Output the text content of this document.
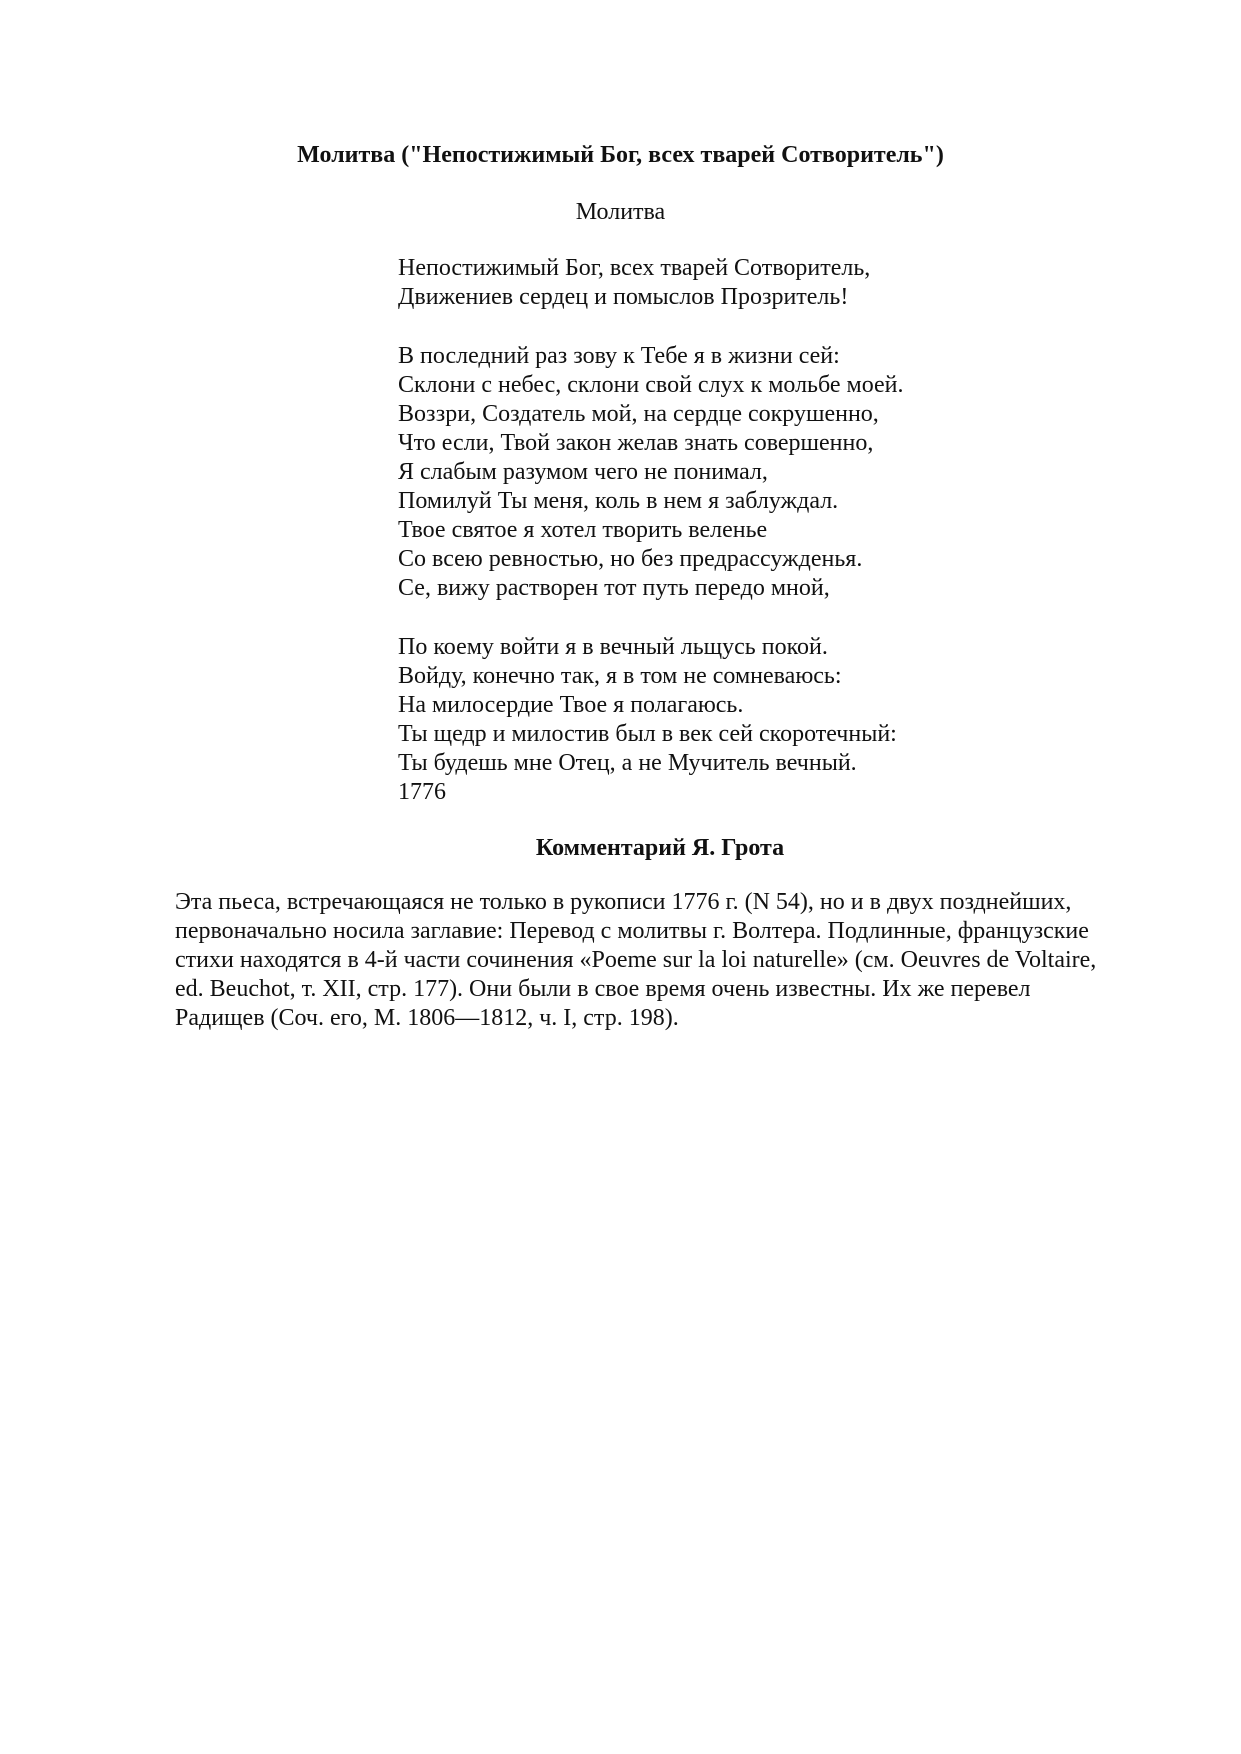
Молитва ("Непостижимый Бог, всех тварей Сотворитель")
Молитва
Непостижимый Бог, всех тварей Сотворитель,
Движениев сердец и помыслов Прозритель!
В последний раз зову к Тебе я в жизни сей:
Склони с небес, склони свой слух к мольбе моей.
Воззри, Создатель мой, на сердце сокрушенно,
Что если, Твой закон желав знать совершенно,
Я слабым разумом чего не понимал,
Помилуй Ты меня, коль в нем я заблуждал.
Твое святое я хотел творить веленье
Со всею ревностью, но без предрассужденья.
Се, вижу растворен тот путь передо мной,
По коему войти я в вечный льщусь покой.
Войду, конечно так, я в том не сомневаюсь:
На милосердие Твое я полагаюсь.
Ты щедр и милостив был в век сей скоротечный:
Ты будешь мне Отец, а не Мучитель вечный.
1776
Комментарий Я. Грота
Эта пьеса, встречающаяся не только в рукописи 1776 г. (N 54), но и в двух позднейших,
первоначально носила заглавие: Перевод с молитвы г. Волтера. Подлинные, французские
стихи находятся в 4-й части сочинения «Poeme sur la loi naturelle» (см. Oeuvres de Voltaire,
ed. Beuchot, т. XII, стр. 177). Они были в свое время очень известны. Их же перевел
Радищев (Соч. его, М. 1806—1812, ч. I, стр. 198).
